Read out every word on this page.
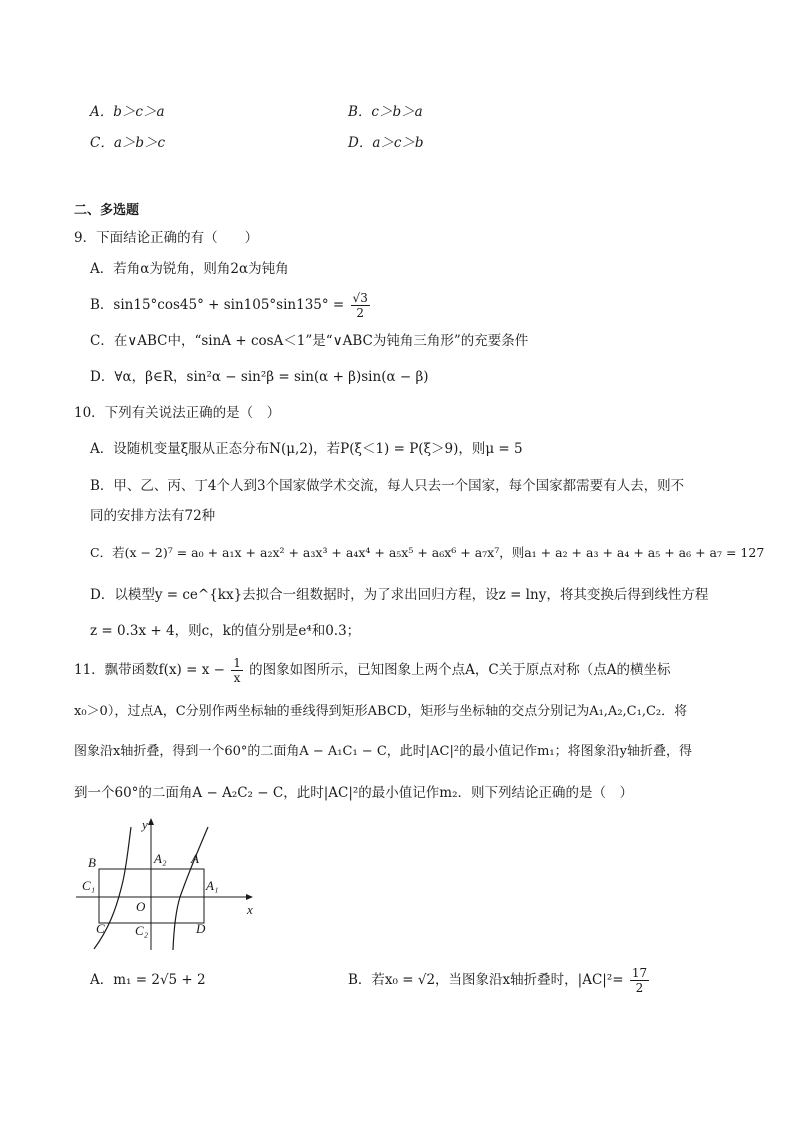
A．b＞c＞a	B．c＞b＞a
C．a＞b＞c	D．a＞c＞b
二、多选题
9．下面结论正确的有（　　）
A．若角α为锐角，则角2α为钝角
B．$\sin 15^\circ\cos 45^\circ + \sin 105^\circ\sin 135^\circ = \frac{√3}{2}$
C．在∨ABC中，“sinA + cosA＜1”是“∨ABC为钝角三角形”的充要条件
D．∀α，β∈R，sin²α − sin²β = sin(α + β)sin(α − β)
10．下列有关说法正确的是（　）
A．设随机变量ξ服从正态分布N(μ,2)，若P(ξ＜1) = P(ξ＞9)，则μ = 5
B．甲、乙、丙、丁4个人到3个国家做学术交流，每人只去一个国家，每个国家都需要有人去，则不
同的安排方法有72种
C．若(x − 2)⁷ = a₀ + a₁x + a₂x² + a₃x³ + a₄x⁴ + a₅x⁵ + a₆x⁶ + a₇x⁷，则a₁ + a₂ + a₃ + a₄ + a₅ + a₆ + a₇ = 127
D．以模型y = ce^{kx}去拟合一组数据时，为了求出回归方程，设z = lny，将其变换后得到线性方程
z = 0.3x + 4，则c，k的值分别是e⁴和0.3；
11．飘带函数$f(x) = x - \frac{1}{x}$ 的图象如图所示，已知图象上两个点A，C关于原点对称（点A的横坐标
x₀＞0），过点A，C分别作两坐标轴的垂线得到矩形ABCD，矩形与坐标轴的交点分别记为A₁,A₂,C₁,C₂．将
图象沿x轴折叠，得到一个60°的二面角A − A₁C₁ − C，此时|AC|²的最小值记作m₁；将图象沿y轴折叠，得
到一个60°的二面角A − A₂C₂ − C，此时|AC|²的最小值记作m₂．则下列结论正确的是（　）
y
x
B	A₂ A
C₁	A₁
O
C C₂	D
A．m₁ = 2√5 + 2	B．若x₀ = √2，当图象沿x轴折叠时，$|AC|^2= \frac{17}{2}$
